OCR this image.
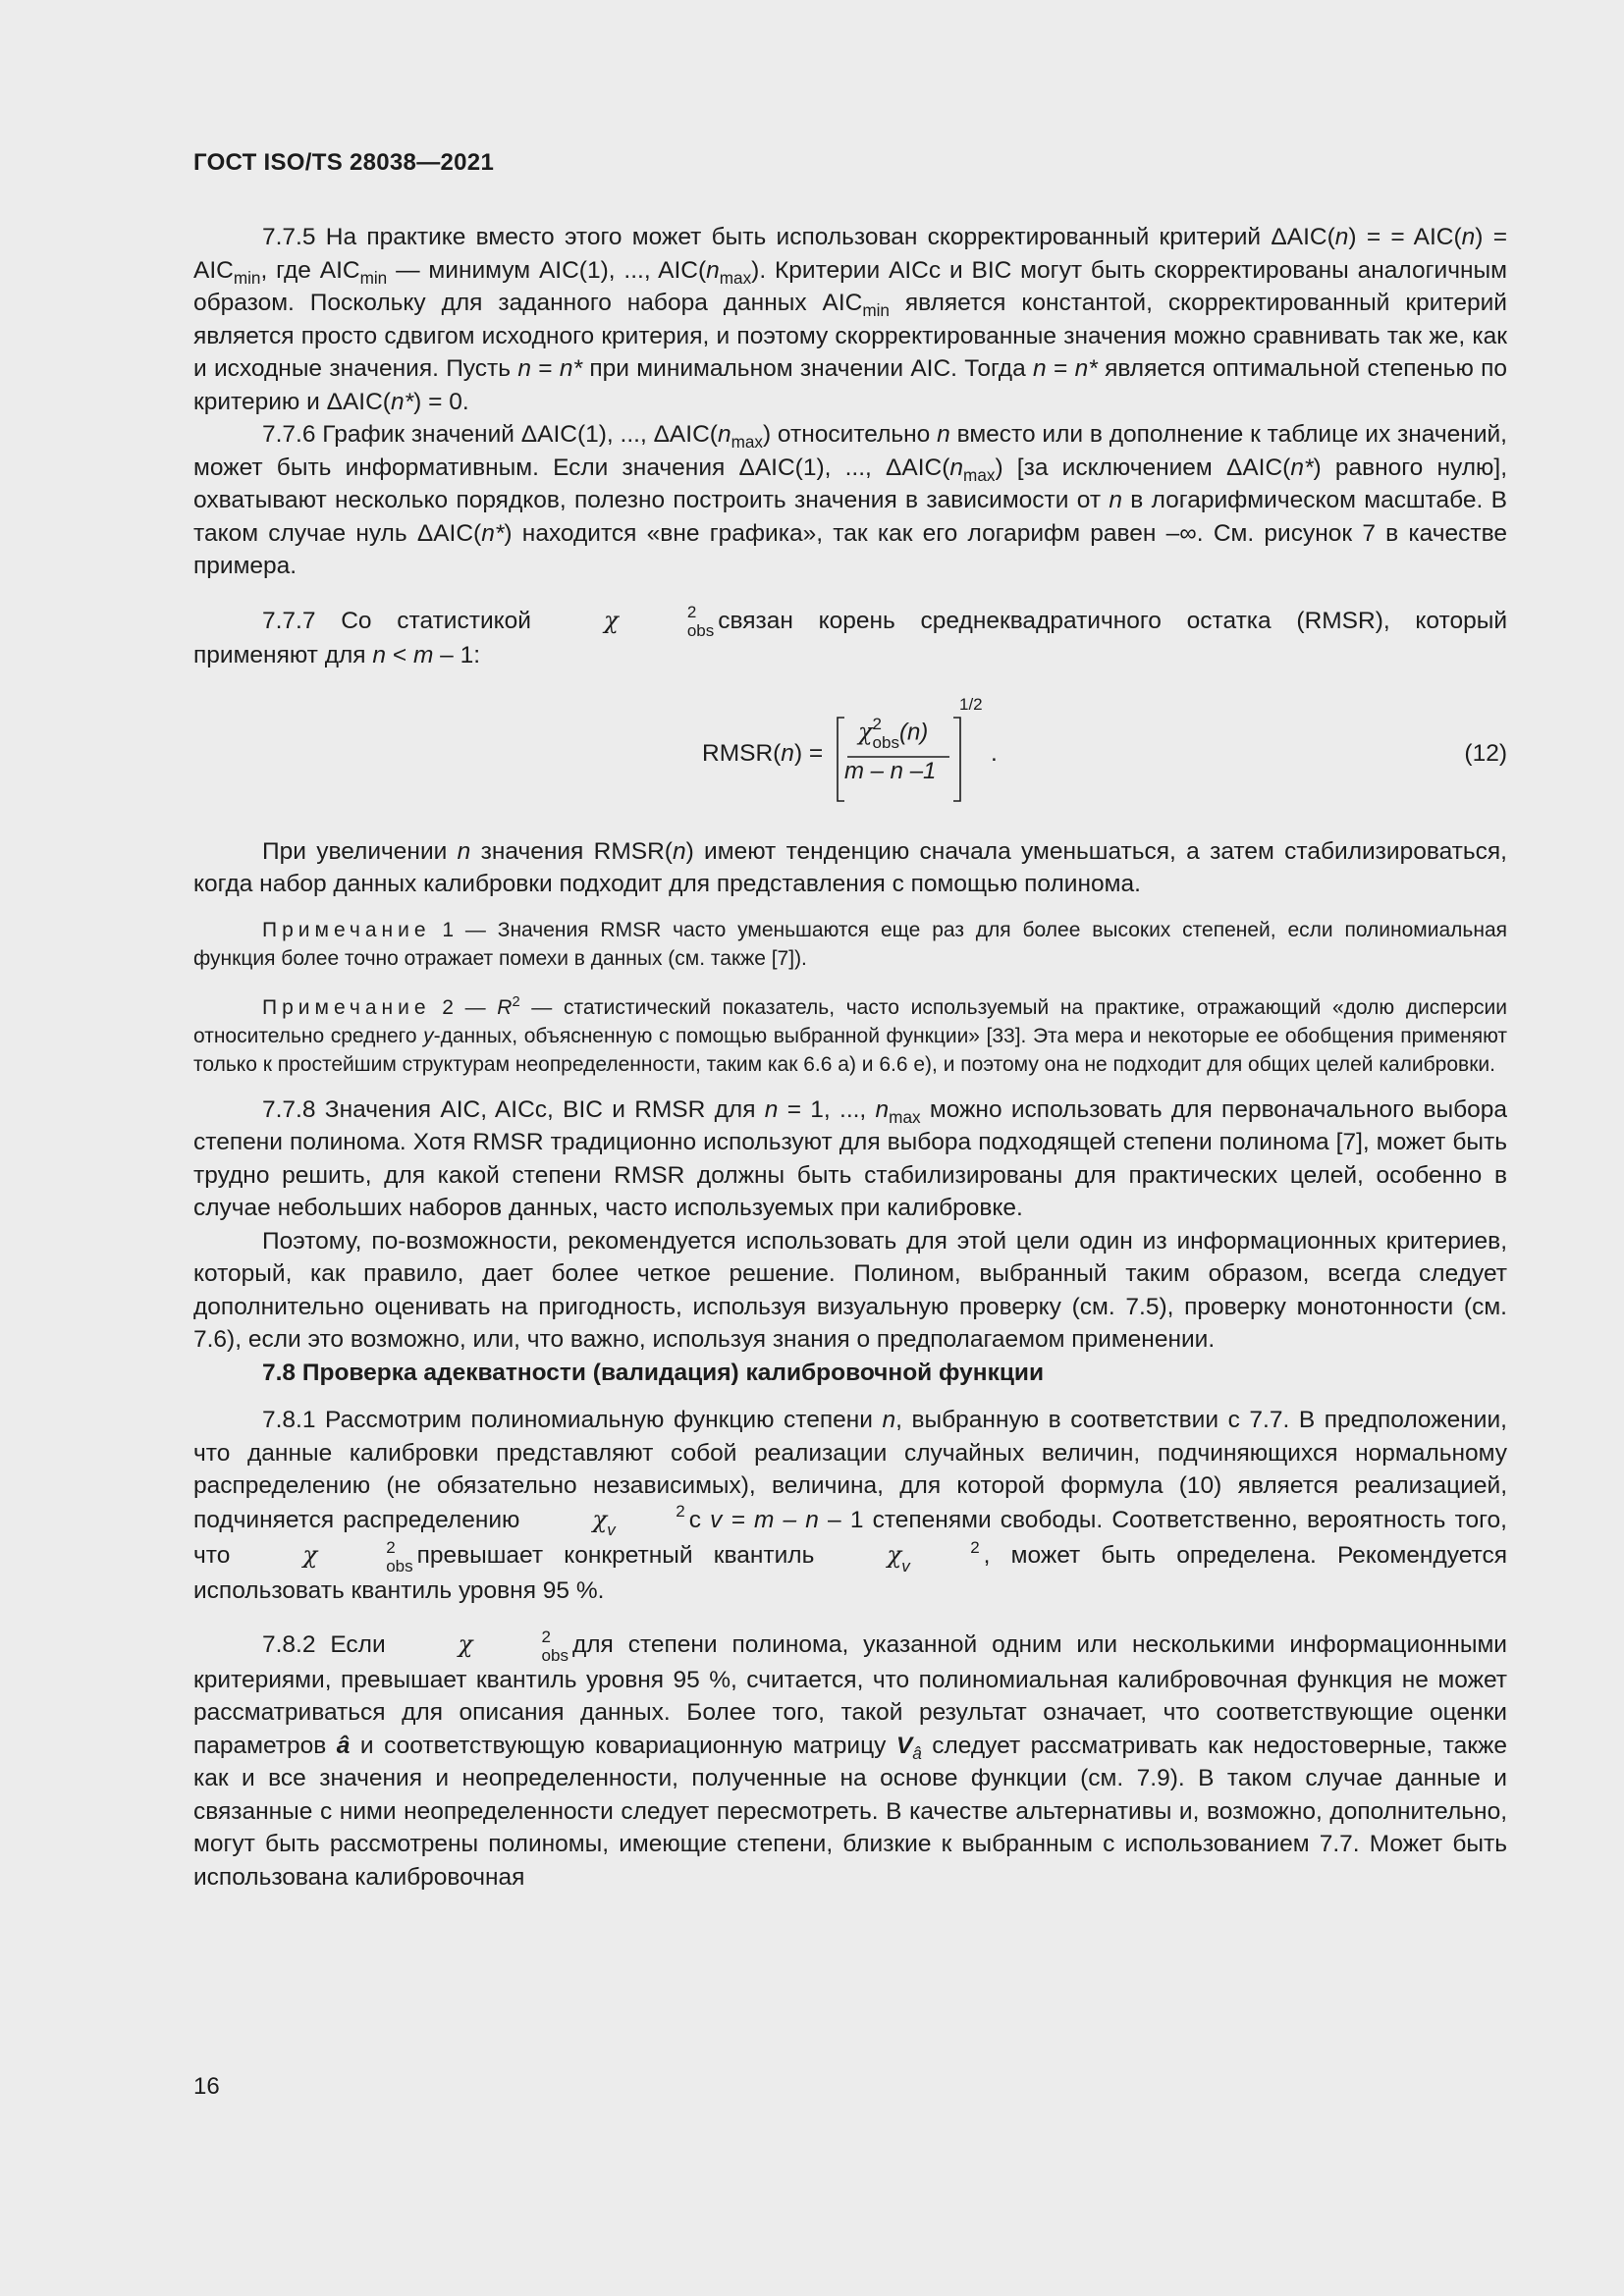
ГОСТ ISO/TS 28038—2021

7.7.5 На практике вместо этого может быть использован скорректированный критерий ΔAIC(n) = = $AIC(n) = AIC_{min}$, где $AIC_{min}$ — минимум AIC(1), ..., $AIC(n_{max})$. Критерии AICc и BIC могут быть скорректированы аналогичным образом. Поскольку для заданного набора данных $AIC_{min}$ является константой, скорректированный критерий является просто сдвигом исходного критерия, и поэтому скорректированные значения можно сравнивать так же, как и исходные значения. Пусть n = n* при минимальном значении AIC. Тогда n = n* является оптимальной степенью по критерию и ΔAIC(n*) = 0.

7.7.6 График значений ΔAIC(1), ..., $\Delta AIC(n_{max})$ относительно n вместо или в дополнение к таблице их значений, может быть информативным. Если значения ΔAIC(1), ..., $\Delta AIC(n_{max})$ [за исключением ΔAIC(n*) равного нулю], охватывают несколько порядков, полезно построить значения в зависимости от n в логарифмическом масштабе. В таком случае нуль ΔAIC(n*) находится «вне графика», так как его логарифм равен –∞. См. рисунок 7 в качестве примера.

7.7.7 Со статистикой	χ	2
obs связан корень среднеквадратичного остатка (RMSR), который применяют для n < m – 1:

RMSR(n) =
χ 2
obs (n)
m – n –1
1/2
.	(12)

При увеличении n значения RMSR(n) имеют тенденцию сначала уменьшаться, а затем стабилизироваться, когда набор данных калибровки подходит для представления с помощью полинома.

Примечание 1 — Значения RMSR часто уменьшаются еще раз для более высоких степеней, если полиномиальная функция более точно отражает помехи в данных (см. также [7]).

Примечание 2 — $R^2$ — статистический показатель, часто используемый на практике, отражающий «долю дисперсии относительно среднего y-данных, объясненную с помощью выбранной функции» [33]. Эта мера и некоторые ее обобщения применяют только к простейшим структурам неопределенности, таким как 6.6 a) и 6.6 e), и поэтому она не подходит для общих целей калибровки.

7.7.8 Значения AIC, AICc, BIC и RMSR для n = 1, ..., $n_{max}$ можно использовать для первоначального выбора степени полинома. Хотя RMSR традиционно используют для выбора подходящей степени полинома [7], может быть трудно решить, для какой степени RMSR должны быть стабилизированы для практических целей, особенно в случае небольших наборов данных, часто используемых при калибровке.

Поэтому, по-возможности, рекомендуется использовать для этой цели один из информационных критериев, который, как правило, дает более четкое решение. Полином, выбранный таким образом, всегда следует дополнительно оценивать на пригодность, используя визуальную проверку (см. 7.5), проверку монотонности (см. 7.6), если это возможно, или, что важно, используя знания о предполагаемом применении.

7.8 Проверка адекватности (валидация) калибровочной функции

7.8.1 Рассмотрим полиномиальную функцию степени n, выбранную в соответствии с 7.7. В предположении, что данные калибровки представляют собой реализации случайных величин, подчиняющихся нормальному распределению (не обязательно независимых), величина, для которой формула (10) является реализацией, подчиняется распределению	χ	2
v	с v = m – n – 1 степенями свободы. Соответственно, вероятность того, что	χ	2
obs превышает конкретный квантиль	χ	2
v	, может быть определена. Рекомендуется использовать квантиль уровня 95 %.

7.8.2 Если	χ	2
obs для степени полинома, указанной одним или несколькими информационными критериями, превышает квантиль уровня 95 %, считается, что полиномиальная калибровочная функция не может рассматриваться для описания данных. Более того, такой результат означает, что соответствующие оценки параметров â и соответствующую ковариационную матрицу $V_â$ следует рассматривать как недостоверные, также как и все значения и неопределенности, полученные на основе функции (см. 7.9). В таком случае данные и связанные с ними неопределенности следует пересмотреть. В качестве альтернативы и, возможно, дополнительно, могут быть рассмотрены полиномы, имеющие степени, близкие к выбранным с использованием 7.7. Может быть использована калибровочная

16
